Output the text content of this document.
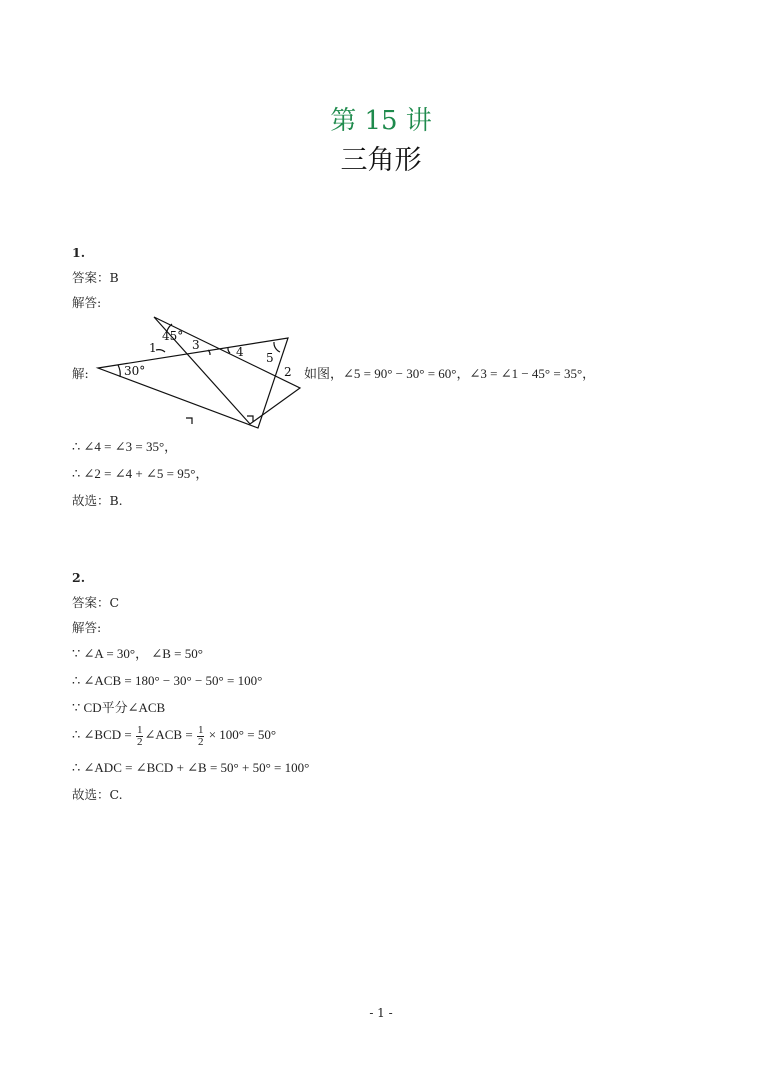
第 15 讲
三角形
1.
答案：B
解答:
解:
45°
30°
1
2
3	4 5
如图，∠5 = 90° − 30° = 60°，∠3 = ∠1 − 45° = 35°，
∴ ∠4 = ∠3 = 35°，
∴ ∠2 = ∠4 + ∠5 = 95°，
故选：B.
2.
答案：C
解答:
∵ ∠A = 30°， ∠B = 50°
∴ ∠ACB = 180° − 30° − 50° = 100°
∵ CD平分∠ACB
∴ ∠BCD = $\frac{1}{2}$ ∠ACB = $\frac{1}{2} \times 100^\circ = 50^\circ$
∴ ∠ADC = ∠BCD + ∠B = 50° + 50° = 100°
故选：C.
- 1 -
